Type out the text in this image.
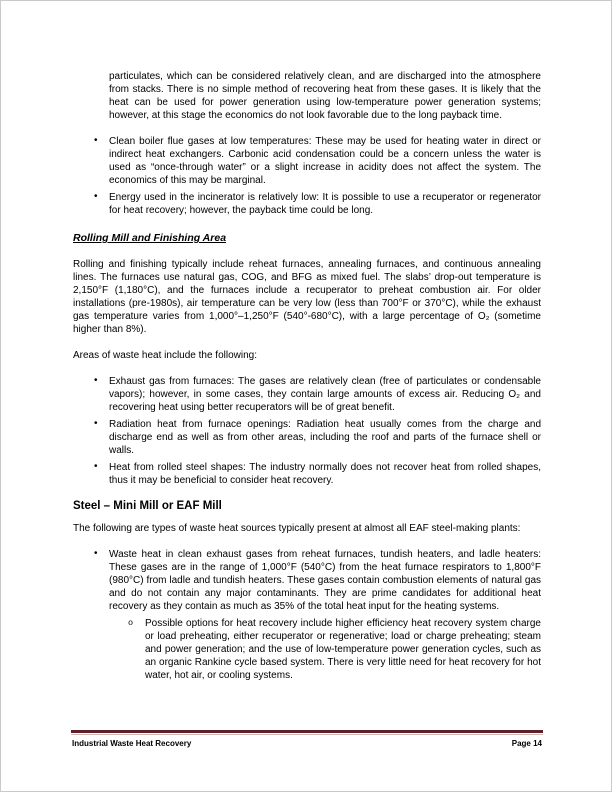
particulates, which can be considered relatively clean, and are discharged into the atmosphere from stacks. There is no simple method of recovering heat from these gases. It is likely that the heat can be used for power generation using low-temperature power generation systems; however, at this stage the economics do not look favorable due to the long payback time.
• Clean boiler flue gases at low temperatures: These may be used for heating water in direct or indirect heat exchangers. Carbonic acid condensation could be a concern unless the water is used as “once-through water” or a slight increase in acidity does not affect the system. The economics of this may be marginal.
• Energy used in the incinerator is relatively low: It is possible to use a recuperator or regenerator for heat recovery; however, the payback time could be long.
Rolling Mill and Finishing Area
Rolling and finishing typically include reheat furnaces, annealing furnaces, and continuous annealing lines. The furnaces use natural gas, COG, and BFG as mixed fuel. The slabs’ drop-out temperature is 2,150°F (1,180°C), and the furnaces include a recuperator to preheat combustion air. For older installations (pre-1980s), air temperature can be very low (less than 700°F or 370°C), while the exhaust gas temperature varies from 1,000°–1,250°F (540°-680°C), with a large percentage of O₂ (sometime higher than 8%).
Areas of waste heat include the following:
• Exhaust gas from furnaces: The gases are relatively clean (free of particulates or condensable vapors); however, in some cases, they contain large amounts of excess air. Reducing O₂ and recovering heat using better recuperators will be of great benefit.
• Radiation heat from furnace openings: Radiation heat usually comes from the charge and discharge end as well as from other areas, including the roof and parts of the furnace shell or walls.
• Heat from rolled steel shapes: The industry normally does not recover heat from rolled shapes, thus it may be beneficial to consider heat recovery.
Steel – Mini Mill or EAF Mill
The following are types of waste heat sources typically present at almost all EAF steel-making plants:
• Waste heat in clean exhaust gases from reheat furnaces, tundish heaters, and ladle heaters: These gases are in the range of 1,000°F (540°C) from the heat furnace respirators to 1,800°F (980°C) from ladle and tundish heaters. These gases contain combustion elements of natural gas and do not contain any major contaminants. They are prime candidates for additional heat recovery as they contain as much as 35% of the total heat input for the heating systems.
o Possible options for heat recovery include higher efficiency heat recovery system charge or load preheating, either recuperator or regenerative; load or charge preheating; steam and power generation; and the use of low-temperature power generation cycles, such as an organic Rankine cycle based system. There is very little need for heat recovery for hot water, hot air, or cooling systems.
Industrial Waste Heat Recovery	Page 14
